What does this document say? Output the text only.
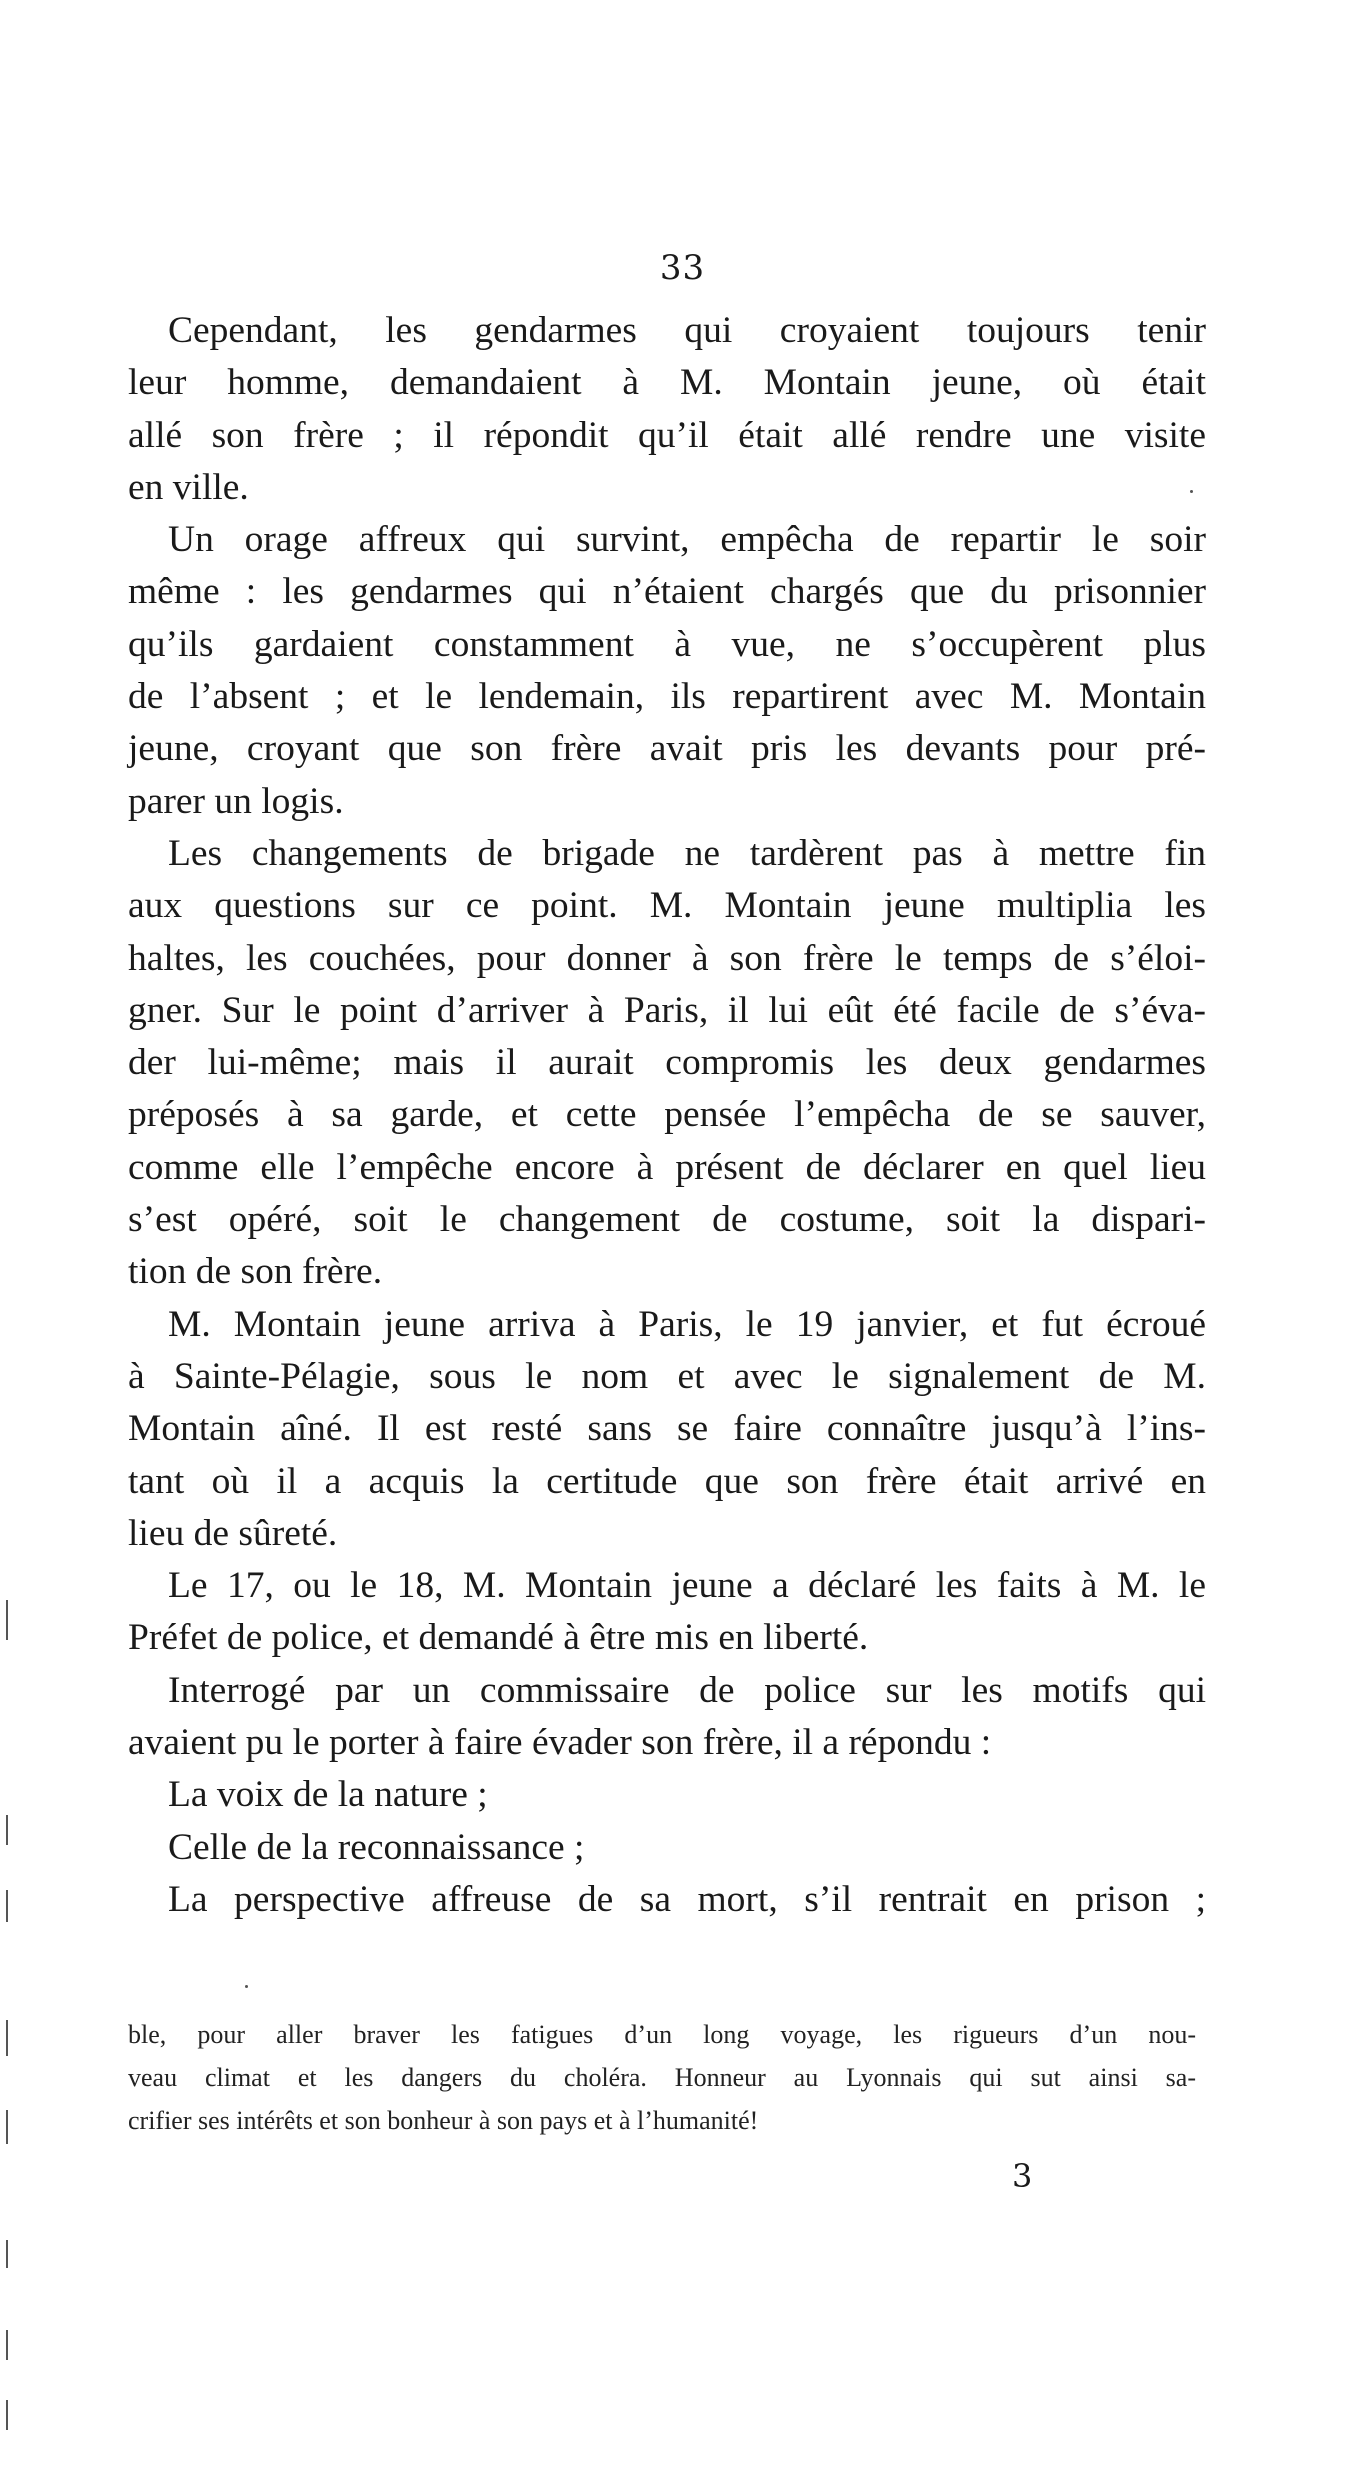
33
Cependant, les gendarmes qui croyaient toujours tenir
leur homme, demandaient à M. Montain jeune, où était
allé son frère ; il répondit qu’il était allé rendre une visite
en ville.
Un orage affreux qui survint, empêcha de repartir le soir
même : les gendarmes qui n’étaient chargés que du prisonnier
qu’ils gardaient constamment à vue, ne s’occupèrent plus
de l’absent ; et le lendemain, ils repartirent avec M. Montain
jeune, croyant que son frère avait pris les devants pour pré-
parer un logis.
Les changements de brigade ne tardèrent pas à mettre fin
aux questions sur ce point. M. Montain jeune multiplia les
haltes, les couchées, pour donner à son frère le temps de s’éloi-
gner. Sur le point d’arriver à Paris, il lui eût été facile de s’éva-
der lui-même; mais il aurait compromis les deux gendarmes
préposés à sa garde, et cette pensée l’empêcha de se sauver,
comme elle l’empêche encore à présent de déclarer en quel lieu
s’est opéré, soit le changement de costume, soit la dispari-
tion de son frère.
M. Montain jeune arriva à Paris, le 19 janvier, et fut écroué
à Sainte-Pélagie, sous le nom et avec le signalement de M.
Montain aîné. Il est resté sans se faire connaître jusqu’à l’ins-
tant où il a acquis la certitude que son frère était arrivé en
lieu de sûreté.
Le 17, ou le 18, M. Montain jeune a déclaré les faits à M. le
Préfet de police, et demandé à être mis en liberté.
Interrogé par un commissaire de police sur les motifs qui
avaient pu le porter à faire évader son frère, il a répondu :
La voix de la nature ;
Celle de la reconnaissance ;
La perspective affreuse de sa mort, s’il rentrait en prison ;
ble, pour aller braver les fatigues d’un long voyage, les rigueurs d’un nou-
veau climat et les dangers du choléra. Honneur au Lyonnais qui sut ainsi sa-
crifier ses intérêts et son bonheur à son pays et à l’humanité!
3
